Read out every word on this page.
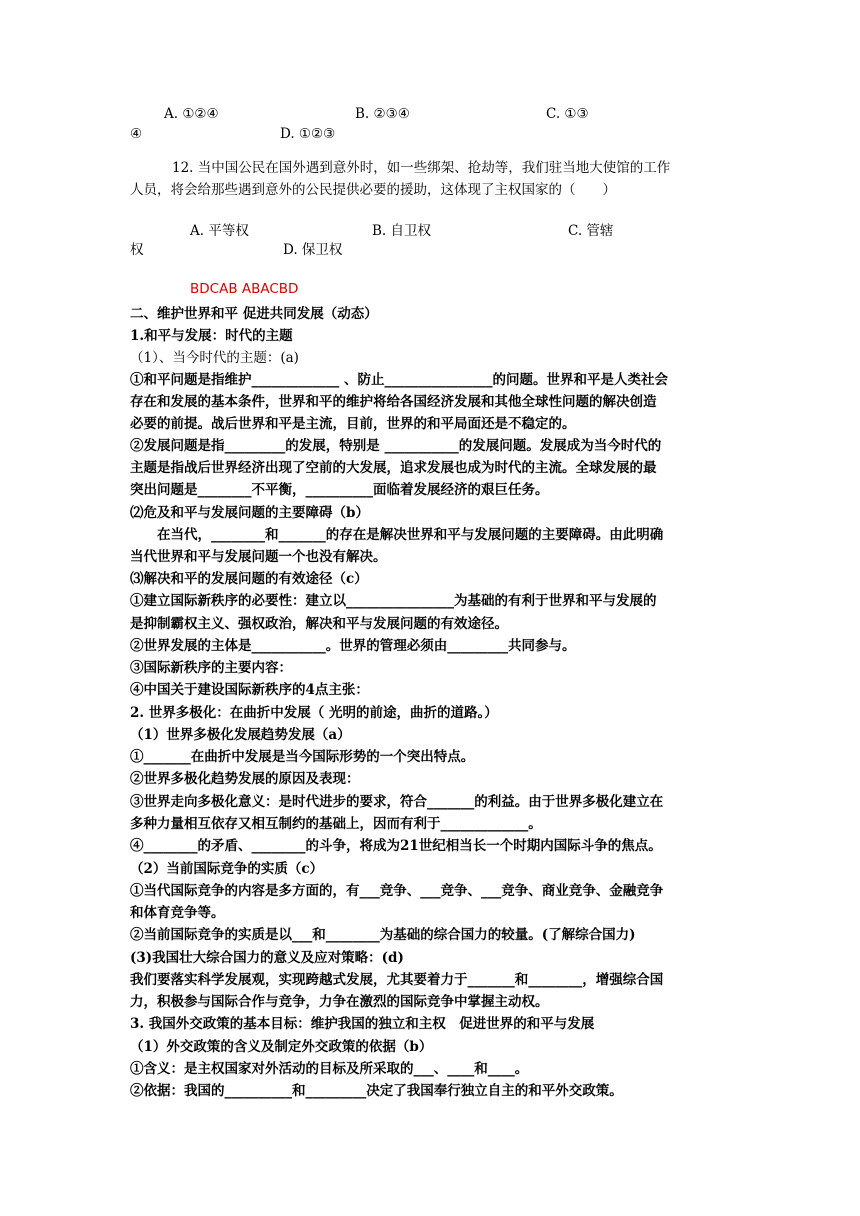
A. ①②④	B. ②③④	C. ①③
④	D. ①②③
12. 当中国公民在国外遇到意外时，如一些绑架、抢劫等，我们驻当地大使馆的工作
人员，将会给那些遇到意外的公民提供必要的援助，这体现了主权国家的（　　）
A. 平等权	B. 自卫权	C. 管辖
权	D. 保卫权
BDCAB ABACBD
二、维护世界和平 促进共同发展（动态）
1.和平与发展：时代的主题
（1）、当今时代的主题：(a)
①和平问题是指维护_____________ 、防止________________的问题。世界和平是人类社会
存在和发展的基本条件，世界和平的维护将给各国经济发展和其他全球性问题的解决创造
必要的前提。战后世界和平是主流，目前，世界的和平局面还是不稳定的。
②发展问题是指_________的发展，特别是 ___________的发展问题。发展成为当今时代的
主题是指战后世界经济出现了空前的大发展，追求发展也成为时代的主流。全球发展的最
突出问题是________不平衡，__________面临着发展经济的艰巨任务。
⑵危及和平与发展问题的主要障碍（b）
　　在当代，________和_______的存在是解决世界和平与发展问题的主要障碍。由此明确
当代世界和平与发展问题一个也没有解决。
⑶解决和平的发展问题的有效途径（c）
①建立国际新秩序的必要性：建立以________________为基础的有利于世界和平与发展的
是抑制霸权主义、强权政治，解决和平与发展问题的有效途径。
②世界发展的主体是___________。世界的管理必须由_________共同参与。
③国际新秩序的主要内容：
④中国关于建设国际新秩序的4点主张：
2. 世界多极化：在曲折中发展（ 光明的前途，曲折的道路。）
（1）世界多极化发展趋势发展（a）
①_______在曲折中发展是当今国际形势的一个突出特点。
②世界多极化趋势发展的原因及表现：
③世界走向多极化意义：是时代进步的要求，符合_______的利益。由于世界多极化建立在
多种力量相互依存又相互制约的基础上，因而有利于_____________。
④________的矛盾、________的斗争，将成为21世纪相当长一个时期内国际斗争的焦点。
（2）当前国际竞争的实质（c）
①当代国际竞争的内容是多方面的，有___竞争、___竞争、___竞争、商业竞争、金融竞争
和体育竞争等。
②当前国际竞争的实质是以___和________为基础的综合国力的较量。(了解综合国力)
(3)我国壮大综合国力的意义及应对策略：(d)
我们要落实科学发展观，实现跨越式发展，尤其要着力于_______和________，增强综合国
力，积极参与国际合作与竞争，力争在激烈的国际竞争中掌握主动权。
3. 我国外交政策的基本目标：维护我国的独立和主权　促进世界的和平与发展
（1）外交政策的含义及制定外交政策的依据（b）
①含义：是主权国家对外活动的目标及所采取的___、____和____。
②依据：我国的__________和_________决定了我国奉行独立自主的和平外交政策。
